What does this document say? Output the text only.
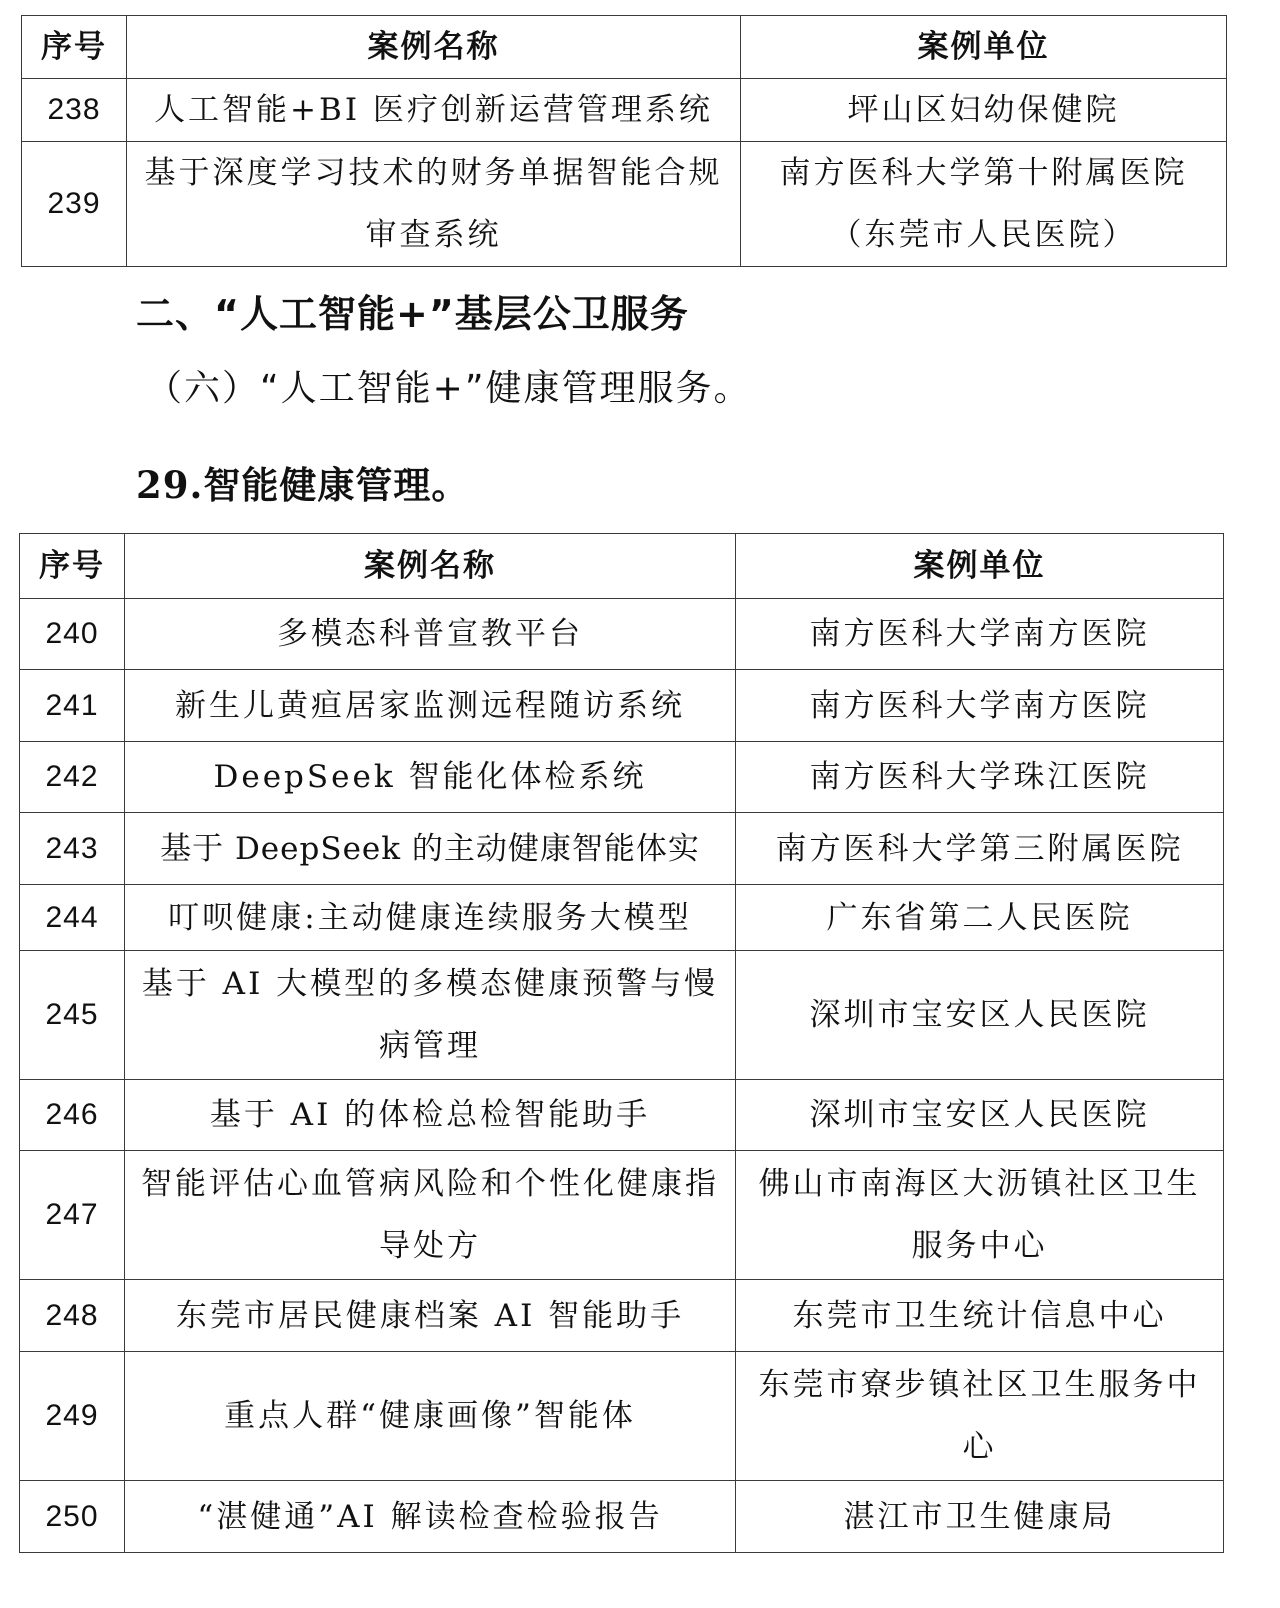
序号	案例名称	案例单位
238	人工智能+BI 医疗创新运营管理系统	坪山区妇幼保健院
239	基于深度学习技术的财务单据智能合规审查系统	南方医科大学第十附属医院（东莞市人民医院）
二、“人工智能+”基层公卫服务
（六）“人工智能+”健康管理服务。
29.智能健康管理。
序号	案例名称	案例单位
240	多模态科普宣教平台	南方医科大学南方医院
241	新生儿黄疸居家监测远程随访系统	南方医科大学南方医院
242	DeepSeek 智能化体检系统	南方医科大学珠江医院
243	基于 DeepSeek 的主动健康智能体实	南方医科大学第三附属医院
244	叮呗健康:主动健康连续服务大模型	广东省第二人民医院
245	基于 AI 大模型的多模态健康预警与慢病管理	深圳市宝安区人民医院
246	基于 AI 的体检总检智能助手	深圳市宝安区人民医院
247	智能评估心血管病风险和个性化健康指导处方	佛山市南海区大沥镇社区卫生服务中心
248	东莞市居民健康档案 AI 智能助手	东莞市卫生统计信息中心
249	重点人群“健康画像”智能体	东莞市寮步镇社区卫生服务中心
250	“湛健通”AI 解读检查检验报告	湛江市卫生健康局
